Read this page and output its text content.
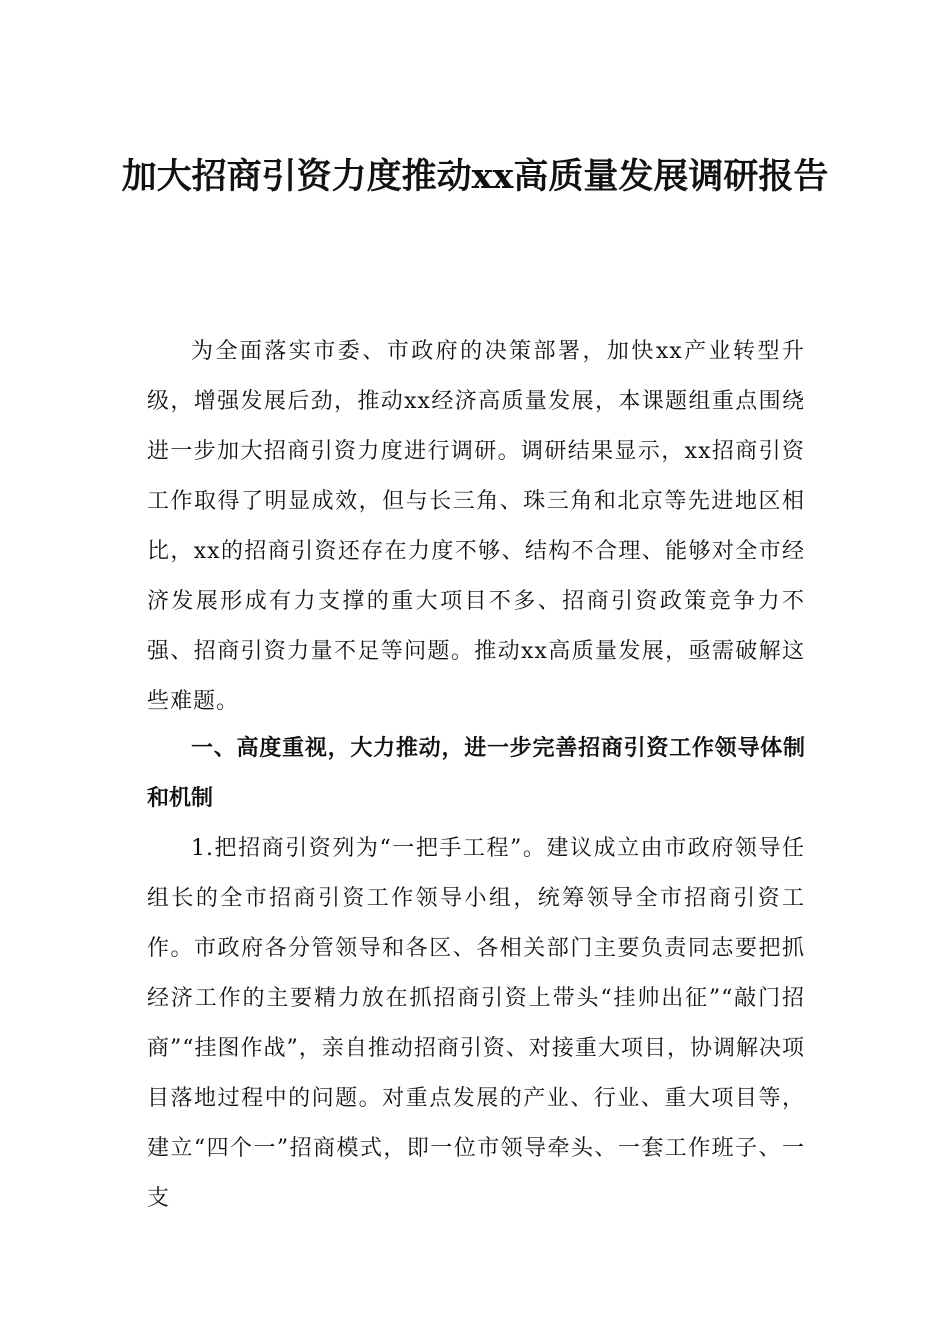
加大招商引资力度推动xx高质量发展调研报告

为全面落实市委、市政府的决策部署，加快xx产业转型升级，增强发展后劲，推动xx经济高质量发展，本课题组重点围绕进一步加大招商引资力度进行调研。调研结果显示，xx招商引资工作取得了明显成效，但与长三角、珠三角和北京等先进地区相比，xx的招商引资还存在力度不够、结构不合理、能够对全市经济发展形成有力支撑的重大项目不多、招商引资政策竞争力不强、招商引资力量不足等问题。推动xx高质量发展，亟需破解这些难题。

一、高度重视，大力推动，进一步完善招商引资工作领导体制和机制

1.把招商引资列为“一把手工程”。建议成立由市政府领导任组长的全市招商引资工作领导小组，统筹领导全市招商引资工作。市政府各分管领导和各区、各相关部门主要负责同志要把抓经济工作的主要精力放在抓招商引资上带头“挂帅出征”“敲门招商”“挂图作战”，亲自推动招商引资、对接重大项目，协调解决项目落地过程中的问题。对重点发展的产业、行业、重大项目等，建立“四个一”招商模式，即一位市领导牵头、一套工作班子、一支
